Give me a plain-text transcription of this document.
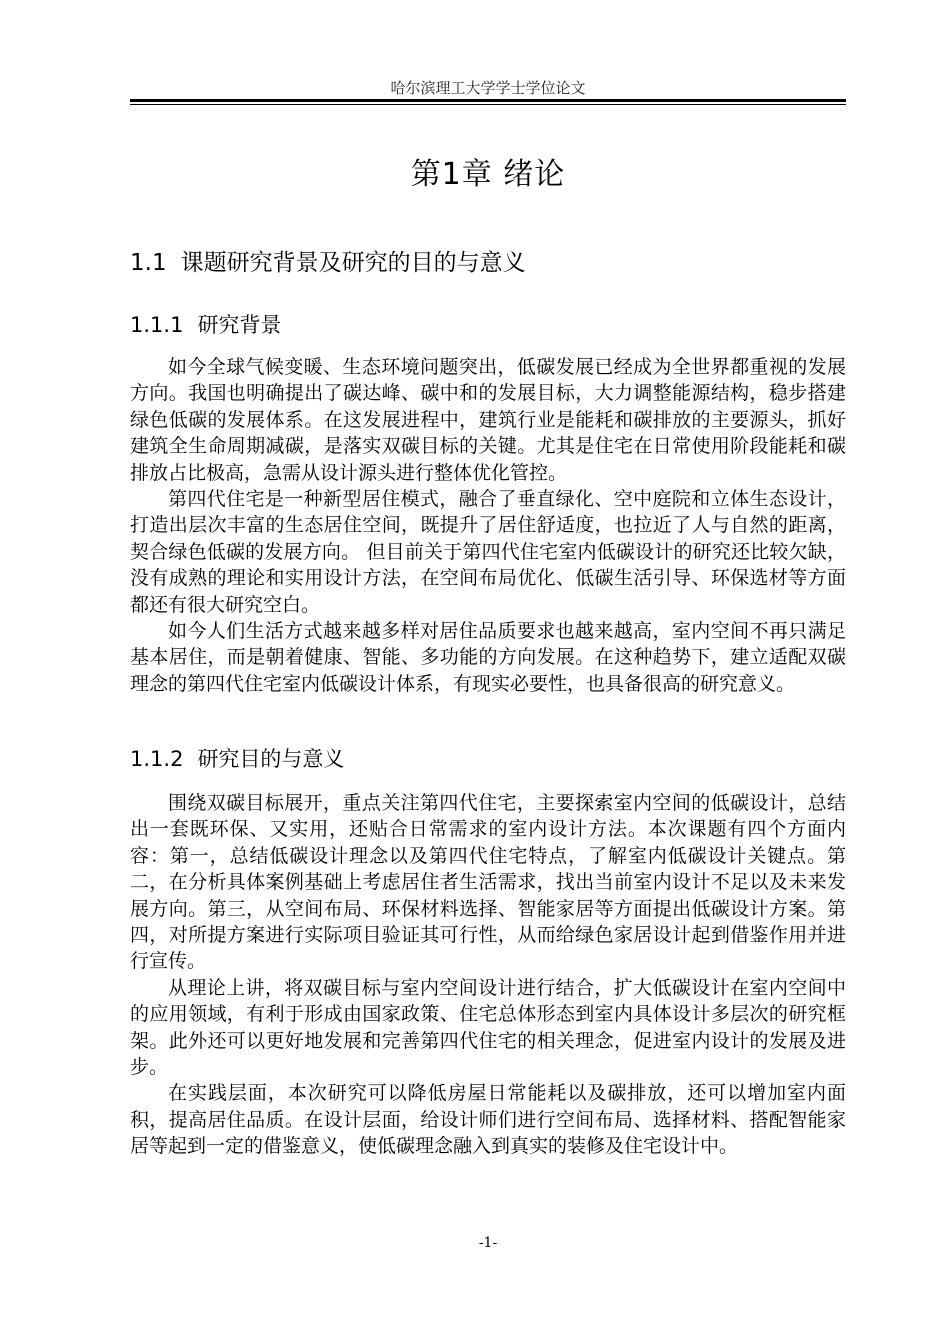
哈尔滨理工大学学士学位论文
第1章 绪论
1.1 课题研究背景及研究的目的与意义
1.1.1 研究背景

如今全球气候变暖、生态环境问题突出，低碳发展已经成为全世界都重视的发展方向。我国也明确提出了碳达峰、碳中和的发展目标，大力调整能源结构，稳步搭建绿色低碳的发展体系。在这发展进程中，建筑行业是能耗和碳排放的主要源头，抓好建筑全生命周期减碳，是落实双碳目标的关键。尤其是住宅在日常使用阶段能耗和碳排放占比极高，急需从设计源头进行整体优化管控。

第四代住宅是一种新型居住模式，融合了垂直绿化、空中庭院和立体生态设计，打造出层次丰富的生态居住空间，既提升了居住舒适度，也拉近了人与自然的距离，契合绿色低碳的发展方向。 但目前关于第四代住宅室内低碳设计的研究还比较欠缺，没有成熟的理论和实用设计方法，在空间布局优化、低碳生活引导、环保选材等方面都还有很大研究空白。

如今人们生活方式越来越多样对居住品质要求也越来越高，室内空间不再只满足基本居住，而是朝着健康、智能、多功能的方向发展。在这种趋势下，建立适配双碳理念的第四代住宅室内低碳设计体系，有现实必要性，也具备很高的研究意义。

1.1.2 研究目的与意义

围绕双碳目标展开，重点关注第四代住宅，主要探索室内空间的低碳设计，总结出一套既环保、又实用，还贴合日常需求的室内设计方法。本次课题有四个方面内容：第一，总结低碳设计理念以及第四代住宅特点，了解室内低碳设计关键点。第二，在分析具体案例基础上考虑居住者生活需求，找出当前室内设计不足以及未来发展方向。第三，从空间布局、环保材料选择、智能家居等方面提出低碳设计方案。第四，对所提方案进行实际项目验证其可行性，从而给绿色家居设计起到借鉴作用并进行宣传。

从理论上讲，将双碳目标与室内空间设计进行结合，扩大低碳设计在室内空间中的应用领域，有利于形成由国家政策、住宅总体形态到室内具体设计多层次的研究框架。此外还可以更好地发展和完善第四代住宅的相关理念，促进室内设计的发展及进步。

在实践层面，本次研究可以降低房屋日常能耗以及碳排放，还可以增加室内面积，提高居住品质。在设计层面，给设计师们进行空间布局、选择材料、搭配智能家居等起到一定的借鉴意义，使低碳理念融入到真实的装修及住宅设计中。

-1-
